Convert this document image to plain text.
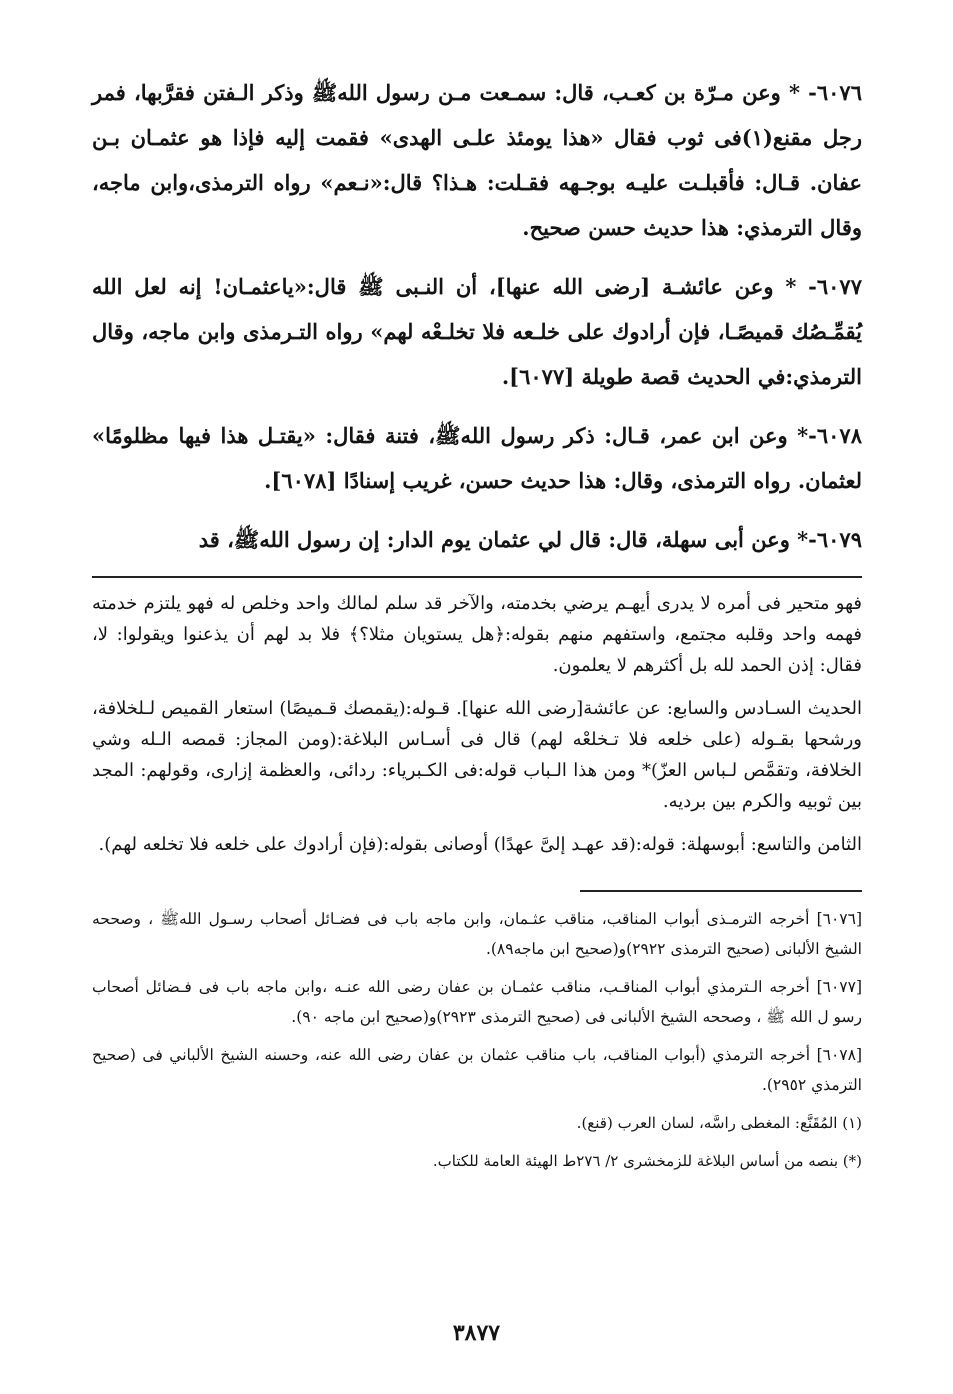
٦٠٧٦- * وعن مـرّة بن كعـب، قال: سمـعت مـن رسول اللهﷺ وذكر الـفتن فقرَّبها، فمر رجل مقنع(١)فى ثوب فقال «هذا يومئذ علـى الهدى» فقمت إليه فإذا هو عثمـان بـن عفان. قـال: فأقبلـت عليـه بوجـهه فقـلت: هـذا؟ قال:«نـعم» رواه الترمذى،وابن ماجه، وقال الترمذي: هذا حديث حسن صحيح.

٦٠٧٧- * وعن عائشـة [رضى الله عنها]، أن النـبى ﷺ قال:«ياعثمـان! إنه لعل الله يُقمِّـصُك قميصًـا، فإن أرادوك على خلـعه فلا تخلـعْه لهم» رواه التـرمذى وابن ماجه، وقال الترمذي:في الحديث قصة طويلة [٦٠٧٧].

٦٠٧٨-* وعن ابن عمر، قـال: ذكر رسول اللهﷺ، فتنة فقال: «يقتـل هذا فيها مظلومًا» لعثمان. رواه الترمذى، وقال: هذا حديث حسن، غريب إسنادًا [٦٠٧٨].

٦٠٧٩-* وعن أبى سهلة، قال: قال لي عثمان يوم الدار: إن رسول اللهﷺ، قد

فهو متحير فى أمره لا يدرى أيهـم يرضي بخدمته، والآخر قد سلم لمالك واحد وخلص له فهو يلتزم خدمته فهمه واحد وقلبه مجتمع، واستفهم منهم بقوله:﴿هل يستويان مثلا؟﴾ فلا بد لهم أن يذعنوا ويقولوا: لا، فقال: إذن الحمد لله بل أكثرهم لا يعلمون.

الحديث السـادس والسابع: عن عائشة[رضى الله عنها]. قـوله:(يقمصك قـميصًا) استعار القميص لـلخلافة، ورشحها بقـوله (على خلعه فلا تـخلعْه لهم) قال فى أسـاس البلاغة:(ومن المجاز: قمصه الـله وشي الخلافة، وتقمَّص لـباس العزّ)* ومن هذا الـباب قوله:فى الكـبرياء: ردائى، والعظمة إزارى، وقولهم: المجد بين ثوبيه والكرم بين برديه.

الثامن والتاسع: أبوسهلة: قوله:(قد عهـد إلىَّ عهدًا) أوصانى بقوله:(فإن أرادوك على خلعه فلا تخلعه لهم).

[٦٠٧٦] أخرجه الترمـذى أبواب المناقب، مناقب عثـمان، وابن ماجه باب فى فضـائل أصحاب رسـول اللهﷺ ، وصححه الشيخ الألبانى (صحيح الترمذى ٢٩٢٢)و(صحيح ابن ماجه٨٩).

[٦٠٧٧] أخرجه الـترمذي أبواب المناقـب، مناقب عثمـان بن عفان رضى الله عنـه ،وابن ماجه باب فى فـضائل أصحاب رسو ل الله ﷺ ، وصححه الشيخ الألبانى فى (صحيح الترمذى ٢٩٢٣)و(صحيح ابن ماجه ٩٠).

[٦٠٧٨] أخرجه الترمذي (أبواب المناقب، باب مناقب عثمان بن عفان رضى الله عنه، وحسنه الشيخ الألباني فى (صحيح الترمذي ٢٩٥٢).

(١) المُقَنَّع: المغطى راسَّه، لسان العرب (قنع).

(*) بنصه من أساس البلاغة للزمخشرى ٢/ ٢٧٦ط الهيئة العامة للكتاب.

٣٨٧٧
